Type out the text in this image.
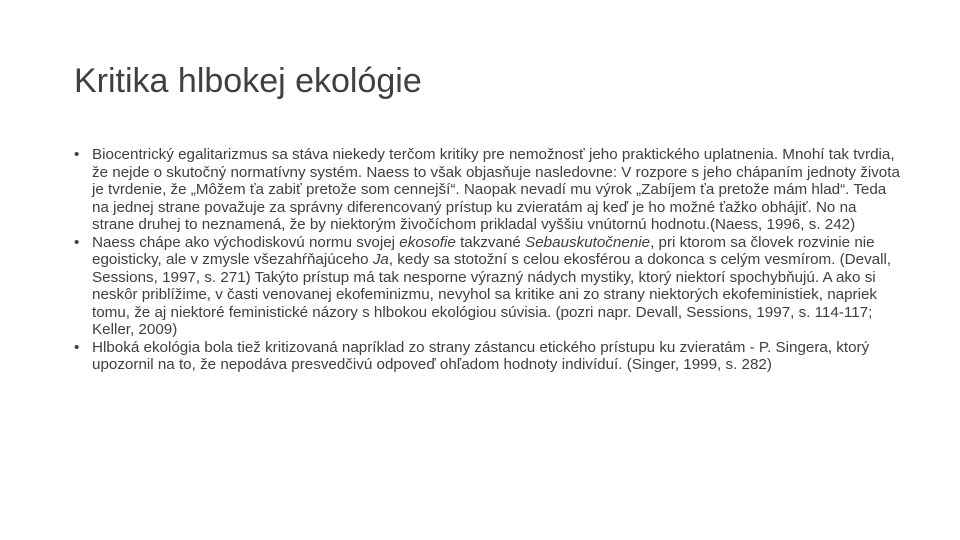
Kritika hlbokej ekológie
• Biocentrický egalitarizmus sa stáva niekedy terčom kritiky pre nemožnosť jeho praktického uplatnenia. Mnohí tak tvrdia, že nejde o skutočný normatívny systém. Naess to však objasňuje nasledovne: V rozpore s jeho chápaním jednoty života je tvrdenie, že „Môžem ťa zabiť pretože som cennejší“. Naopak nevadí mu výrok „Zabíjem ťa pretože mám hlad“. Teda na jednej strane považuje za správny diferencovaný prístup ku zvieratám aj keď je ho možné ťažko obhájiť. No na strane druhej to neznamená, že by niektorým živočíchom prikladal vyššiu vnútornú hodnotu.(Naess, 1996, s. 242)
• Naess chápe ako východiskovú normu svojej ekosofie takzvané Sebauskutočnenie, pri ktorom sa človek rozvinie nie egoisticky, ale v zmysle všezahŕňajúceho Ja, kedy sa stotožní s celou ekosférou a dokonca s celým vesmírom. (Devall, Sessions, 1997, s. 271) Takýto prístup má tak nesporne výrazný nádych mystiky, ktorý niektorí spochybňujú. A ako si neskôr priblížime, v časti venovanej ekofeminizmu, nevyhol sa kritike ani zo strany niektorých ekofeministiek, napriek tomu, že aj niektoré feministické názory s hlbokou ekológiou súvisia. (pozri napr. Devall, Sessions, 1997, s. 114-117; Keller, 2009)
• Hlboká ekológia bola tiež kritizovaná napríklad zo strany zástancu etického prístupu ku zvieratám - P. Singera, ktorý upozornil na to, že nepodáva presvedčivú odpoveď ohľadom hodnoty indivíduí. (Singer, 1999, s. 282)
